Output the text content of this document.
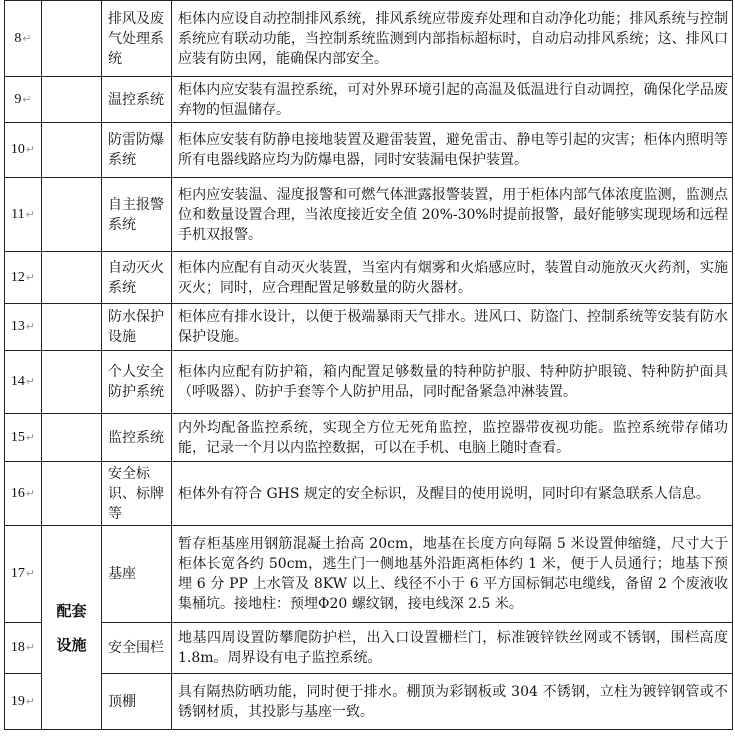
8↵		排风及废气处理系统	柜体内应设自动控制排风系统，排风系统应带废弃处理和自动净化功能；排风系统与控制系统应有联动功能，当控制系统监测到内部指标超标时，自动启动排风系统；这、排风口应装有防虫网，能确保内部安全。
9↵		温控系统	柜体内应安装有温控系统，可对外界环境引起的高温及低温进行自动调控，确保化学品废弃物的恒温储存。
10↵		防雷防爆系统	柜体应安装有防静电接地装置及避雷装置，避免雷击、静电等引起的灾害；柜体内照明等所有电器线路应均为防爆电器，同时安装漏电保护装置。
11↵		自主报警系统	柜内应安装温、湿度报警和可燃气体泄露报警装置，用于柜体内部气体浓度监测，监测点位和数量设置合理，当浓度接近安全值 20%-30%时提前报警，最好能够实现现场和远程手机双报警。
12↵		自动灭火系统	柜体内应配有自动灭火装置，当室内有烟雾和火焰感应时，装置自动施放灭火药剂，实施灭火；同时，应合理配置足够数量的防火器材。
13↵		防水保护设施	柜体应有排水设计，以便于极端暴雨天气排水。进风口、防盗门、控制系统等安装有防水保护设施。
14↵		个人安全防护系统	柜体内应配有防护箱，箱内配置足够数量的特种防护服、特种防护眼镜、特种防护面具（呼吸器）、防护手套等个人防护用品，同时配备紧急冲淋装置。
15↵		监控系统	内外均配备监控系统，实现全方位无死角监控，监控器带夜视功能。监控系统带存储功能，记录一个月以内监控数据，可以在手机、电脑上随时查看。
16↵		安全标识、标牌等	柜体外有符合 GHS 规定的安全标识，及醒目的使用说明，同时印有紧急联系人信息。
17↵	配套
设施	基座	暂存柜基座用钢筋混凝土抬高 20cm，地基在长度方向每隔 5 米设置伸缩缝，尺寸大于柜体长宽各约 50cm，逃生门一侧地基外沿距离柜体约 1 米，便于人员通行；地基下预埋 6 分 PP 上水管及 8KW 以上、线径不小于 6 平方国标铜芯电缆线，备留 2 个废液收集桶坑。接地柱：预埋Φ20 螺纹钢，接电线深 2.5 米。
18↵		安全围栏	地基四周设置防攀爬防护栏，出入口设置栅栏门，标准镀锌铁丝网或不锈钢，围栏高度 1.8m。周界设有电子监控系统。
19↵		顶棚	具有隔热防晒功能，同时便于排水。棚顶为彩钢板或 304 不锈钢，立柱为镀锌钢管或不锈钢材质，其投影与基座一致。
